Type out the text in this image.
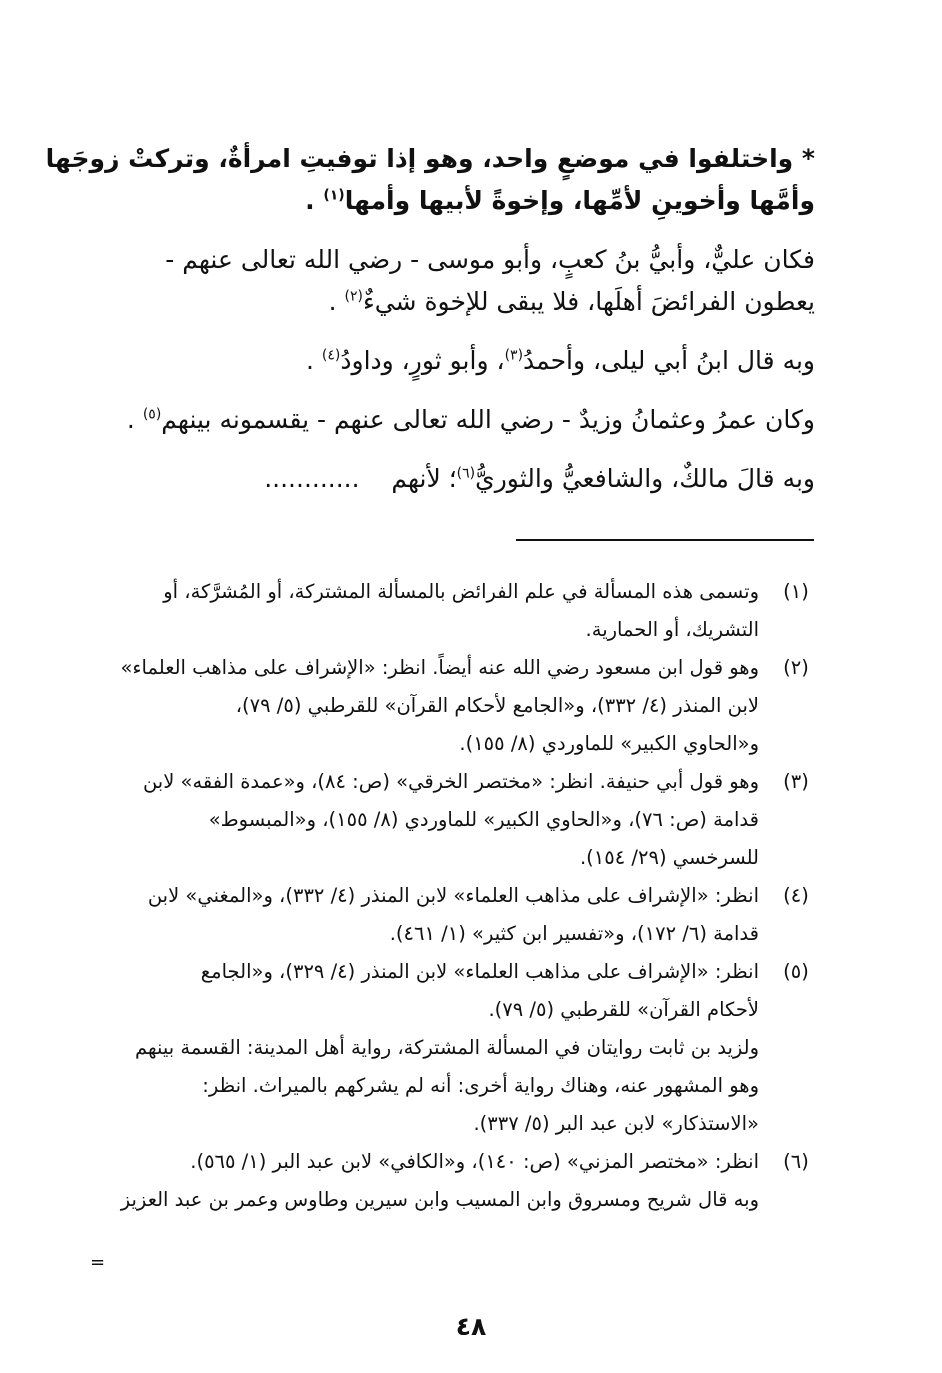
* واختلفوا في موضعٍ واحد، وهو إذا توفيتِ امرأةٌ، وتركتْ زوجَها
وأمَّها وأخوينِ لأمِّها، وإخوةً لأبيها وأمها$^{(١)}$ .

فكان عليٌّ، وأبيُّ بنُ كعبٍ، وأبو موسى - رضي الله تعالى عنهم -
يعطون الفرائضَ أهلَها، فلا يبقى للإخوة شيءٌ$^{(٢)}$ .

وبه قال ابنُ أبي ليلى، وأحمدُ$^{(٣)}$، وأبو ثورٍ، وداودُ$^{(٤)}$ .

وكان عمرُ وعثمانُ وزيدٌ - رضي الله تعالى عنهم - يقسمونه بينهم$^{(٥)}$ .

وبه قالَ مالكٌ، والشافعيُّ والثوريُّ$^{(٦)}$؛ لأنهم    ............

(١)
وتسمى هذه المسألة في علم الفرائض بالمسألة المشتركة، أو المُشرَّكة، أو
التشريك، أو الحمارية.
(٢)
وهو قول ابن مسعود رضي الله عنه أيضاً. انظر: «الإشراف على مذاهب العلماء»
لابن المنذر (٤/ ٣٣٢)، و«الجامع لأحكام القرآن» للقرطبي (٥/ ٧٩)،
و«الحاوي الكبير» للماوردي (٨/ ١٥٥).
(٣)
وهو قول أبي حنيفة. انظر: «مختصر الخرقي» (ص: ٨٤)، و«عمدة الفقه» لابن
قدامة (ص: ٧٦)، و«الحاوي الكبير» للماوردي (٨/ ١٥٥)، و«المبسوط»
للسرخسي (٢٩/ ١٥٤).
(٤)
انظر: «الإشراف على مذاهب العلماء» لابن المنذر (٤/ ٣٣٢)، و«المغني» لابن
قدامة (٦/ ١٧٢)، و«تفسير ابن كثير» (١/ ٤٦١).
(٥)
انظر: «الإشراف على مذاهب العلماء» لابن المنذر (٤/ ٣٢٩)، و«الجامع
لأحكام القرآن» للقرطبي (٥/ ٧٩).
ولزيد بن ثابت روايتان في المسألة المشتركة، رواية أهل المدينة: القسمة بينهم
وهو المشهور عنه، وهناك رواية أخرى: أنه لم يشركهم بالميراث. انظر:
«الاستذكار» لابن عبد البر (٥/ ٣٣٧).
(٦)
انظر: «مختصر المزني» (ص: ١٤٠)، و«الكافي» لابن عبد البر (١/ ٥٦٥).
وبه قال شريح ومسروق وابن المسيب وابن سيرين وطاوس وعمر بن عبد العزيز
=
٤٨
